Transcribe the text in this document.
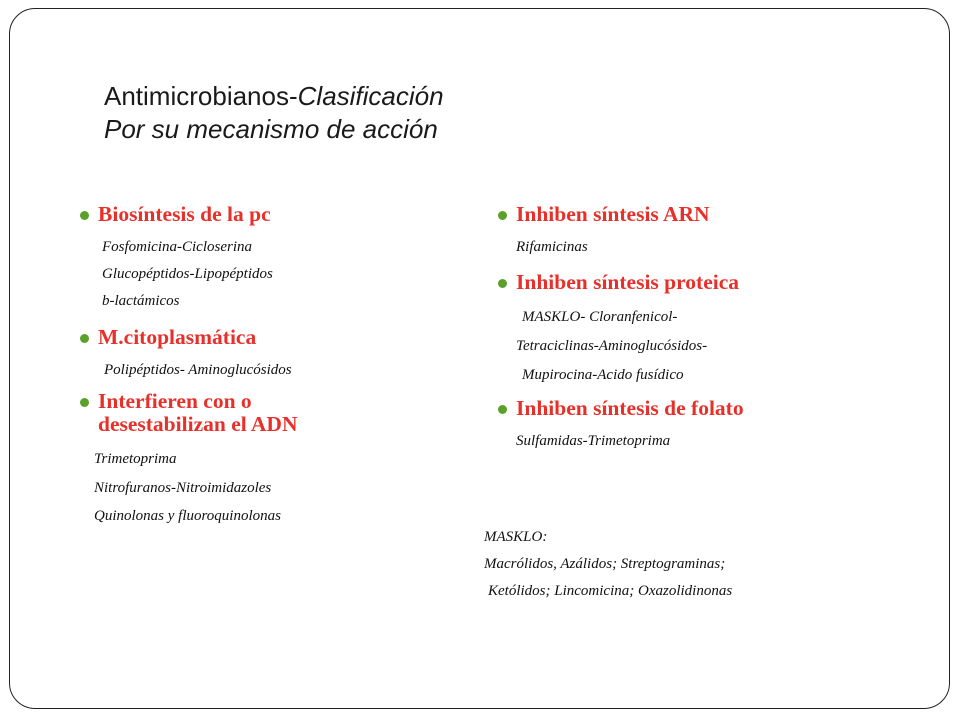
Antimicrobianos-Clasificación
Por su mecanismo de acción
Biosíntesis de la pc
Fosfomicina-Cicloserina
Glucopéptidos-Lipopéptidos
b-lactámicos
M.citoplasmática
Polipéptidos- Aminoglucósidos
Interfieren con o
desestabilizan el ADN
Trimetoprima
Nitrofuranos-Nitroimidazoles
Quinolonas y fluoroquinolonas
Inhiben síntesis ARN
Rifamicinas
Inhiben síntesis proteica
MASKLO- Cloranfenicol-
Tetraciclinas-Aminoglucósidos-
Mupirocina-Acido fusídico
Inhiben síntesis de folato
Sulfamidas-Trimetoprima
MASKLO:
Macrólidos, Azálidos; Streptograminas;
Ketólidos; Lincomicina; Oxazolidinonas
